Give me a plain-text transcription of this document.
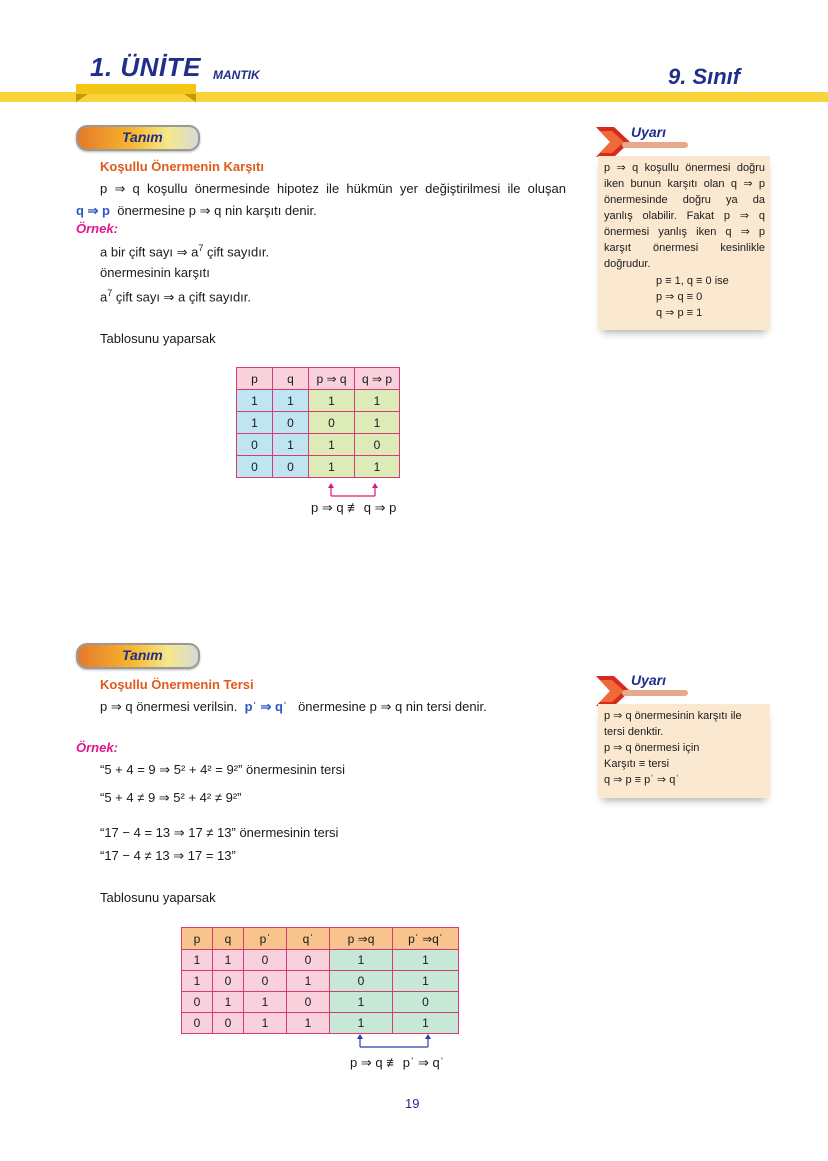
1. ÜNİTE MANTIK	9. Sınıf
Tanım
Koşullu Önermenin Karşıtı
p ⇒ q koşullu önermesinde hipotez ile hükmün yer değiştirilmesi ile oluşan
q ⇒ p önermesine p ⇒ q nin karşıtı denir.
Örnek:
a bir çift sayı ⇒ $a^7$ çift sayıdır.
önermesinin karşıtı
$a^7$ çift sayı ⇒ a çift sayıdır.
Tablosunu yaparsak
p	q	p ⇒ q	q ⇒ p
1	1	1	1
1	0	0	1
0	1	1	0
0	0	1	1
p ⇒ q ≢ q ⇒ p
Uyarı
p ⇒ q koşullu önermesi doğru
iken bunun karşıtı olan q ⇒ p
önermesinde doğru ya da
yanlış olabilir. Fakat p ⇒ q
önermesi yanlış iken q ⇒ p
karşıt önermesi kesinlikle
doğrudur.
p ≡ 1, q ≡ 0 ise
p ⇒ q ≡ 0
q ⇒ p ≡ 1
Tanım
Koşullu Önermenin Tersi
p ⇒ q önermesi verilsin. pˈ ⇒ qˈ önermesine p ⇒ q nin tersi denir.
Örnek:
“5 + 4 = 9 ⇒ 5² + 4² = 9²” önermesinin tersi
“5 + 4 ≠ 9 ⇒ 5² + 4² ≠ 9²”
“17 − 4 = 13 ⇒ 17 ≠ 13” önermesinin tersi
“17 − 4 ≠ 13 ⇒ 17 = 13”
Tablosunu yaparsak
p	q	pˈ	qˈ	p ⇒q	pˈ ⇒qˈ
1	1	0	0	1	1
1	0	0	1	0	1
0	1	1	0	1	0
0	0	1	1	1	1
p ⇒ q ≢ pˈ ⇒ qˈ
Uyarı
p ⇒ q önermesinin karşıtı ile
tersi denktir.
p ⇒ q önermesi için
Karşıtı ≡ tersi
q ⇒ p ≡ pˈ ⇒ qˈ
19
